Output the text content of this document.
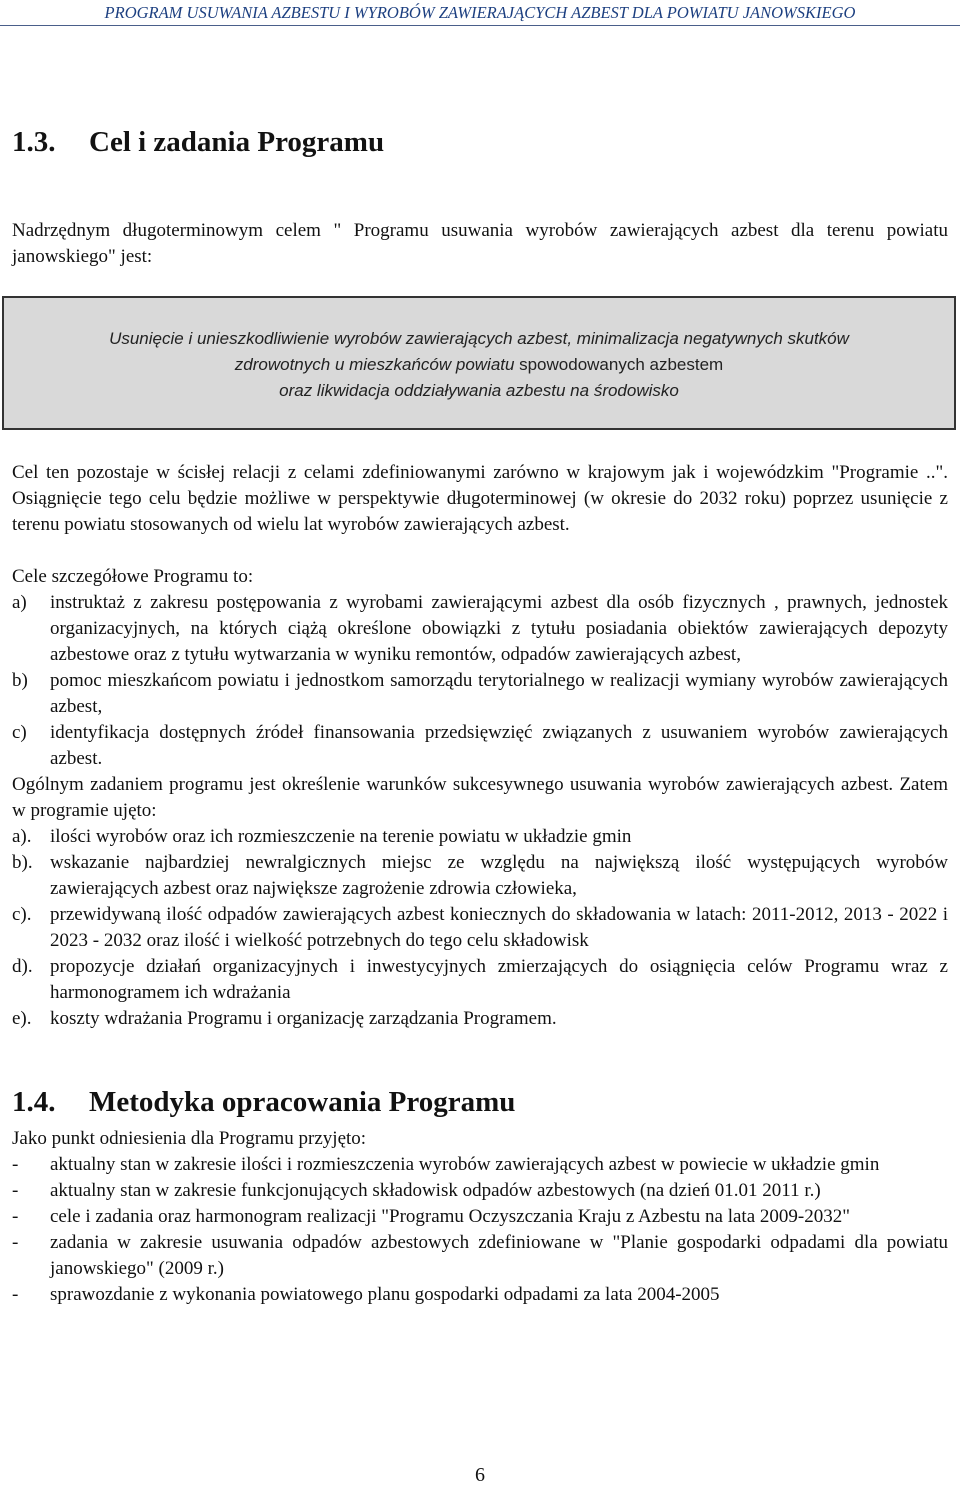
PROGRAM USUWANIA AZBESTU I WYROBÓW ZAWIERAJĄCYCH AZBEST DLA POWIATU JANOWSKIEGO
1.3. Cel i zadania Programu
Nadrzędnym długoterminowym celem " Programu usuwania wyrobów zawierających azbest dla terenu powiatu janowskiego" jest:
Usunięcie i unieszkodliwienie wyrobów zawierających azbest, minimalizacja negatywnych skutków
zdrowotnych u mieszkańców powiatu spowodowanych azbestem
oraz likwidacja oddziaływania azbestu na środowisko
Cel ten pozostaje w ścisłej relacji z celami zdefiniowanymi zarówno w krajowym jak i wojewódzkim "Programie ..". Osiągnięcie tego celu będzie możliwe w perspektywie długoterminowej (w okresie do 2032 roku) poprzez usunięcie z terenu powiatu stosowanych od wielu lat wyrobów zawierających azbest.
Cele szczegółowe Programu to:
a) instruktaż z zakresu postępowania z wyrobami zawierającymi azbest dla osób fizycznych , prawnych, jednostek organizacyjnych, na których ciążą określone obowiązki z tytułu posiadania obiektów zawierających depozyty azbestowe oraz z tytułu wytwarzania w wyniku remontów, odpadów zawierających azbest,
b) pomoc mieszkańcom powiatu i jednostkom samorządu terytorialnego w realizacji wymiany wyrobów zawierających azbest,
c) identyfikacja dostępnych źródeł finansowania przedsięwzięć związanych z usuwaniem wyrobów zawierających azbest.
Ogólnym zadaniem programu jest określenie warunków sukcesywnego usuwania wyrobów zawierających azbest. Zatem w programie ujęto:
a). ilości wyrobów oraz ich rozmieszczenie na terenie powiatu w układzie gmin
b). wskazanie najbardziej newralgicznych miejsc ze względu na największą ilość występujących wyrobów zawierających azbest oraz największe zagrożenie zdrowia człowieka,
c). przewidywaną ilość odpadów zawierających azbest koniecznych do składowania w latach: 2011-2012, 2013 - 2022 i 2023 - 2032 oraz ilość i wielkość potrzebnych do tego celu składowisk
d). propozycje działań organizacyjnych i inwestycyjnych zmierzających do osiągnięcia celów Programu wraz z harmonogramem ich wdrażania
e). koszty wdrażania Programu i organizację zarządzania Programem.
1.4. Metodyka opracowania Programu
Jako punkt odniesienia dla Programu przyjęto:
- aktualny stan w zakresie ilości i rozmieszczenia wyrobów zawierających azbest w powiecie w układzie gmin
- aktualny stan w zakresie funkcjonujących składowisk odpadów azbestowych (na dzień 01.01 2011 r.)
- cele i zadania oraz harmonogram realizacji "Programu Oczyszczania Kraju z Azbestu na lata 2009-2032"
- zadania w zakresie usuwania odpadów azbestowych zdefiniowane w "Planie gospodarki odpadami dla powiatu janowskiego" (2009 r.)
- sprawozdanie z wykonania powiatowego planu gospodarki odpadami za lata 2004-2005
6
